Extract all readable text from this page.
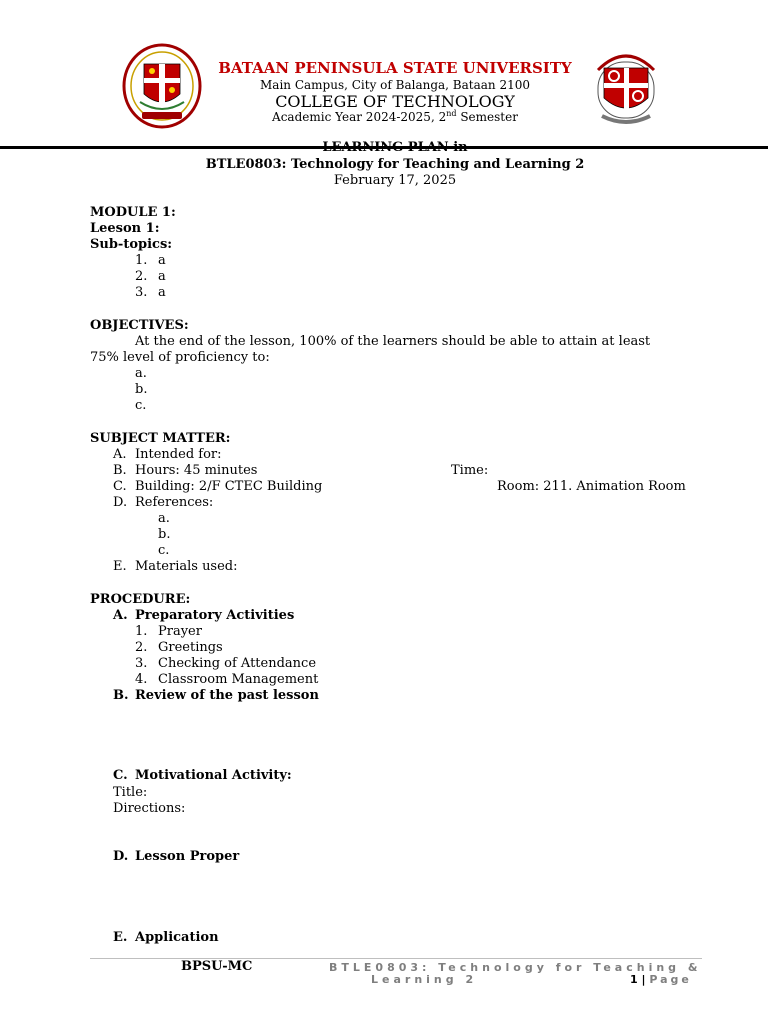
BATAAN PENINSULA STATE UNIVERSITY
Main Campus, City of Balanga, Bataan 2100
COLLEGE OF TECHNOLOGY
Academic Year 2024-2025, 2nd Semester
LEARNING PLAN in
BTLE0803: Technology for Teaching and Learning 2
February 17, 2025
MODULE 1:
Leeson 1:
Sub-topics:
1. a
2. a
3. a
OBJECTIVES:
At the end of the lesson, 100% of the learners should be able to attain at least
75% level of proficiency to:
a.
b.
c.
SUBJECT MATTER:
A. Intended for:
B. Hours: 45 minutes	Time:
C. Building: 2/F CTEC Building	Room: 211. Animation Room
D. References:
a.
b.
c.
E. Materials used:
PROCEDURE:
A. Preparatory Activities
1. Prayer
2. Greetings
3. Checking of Attendance
4. Classroom Management
B. Review of the past lesson
C. Motivational Activity:
Title:
Directions:
D. Lesson Proper
E. Application
BPSU-MC	BTLE0803: Technology for Teaching &
Learning 2	1 | Page
